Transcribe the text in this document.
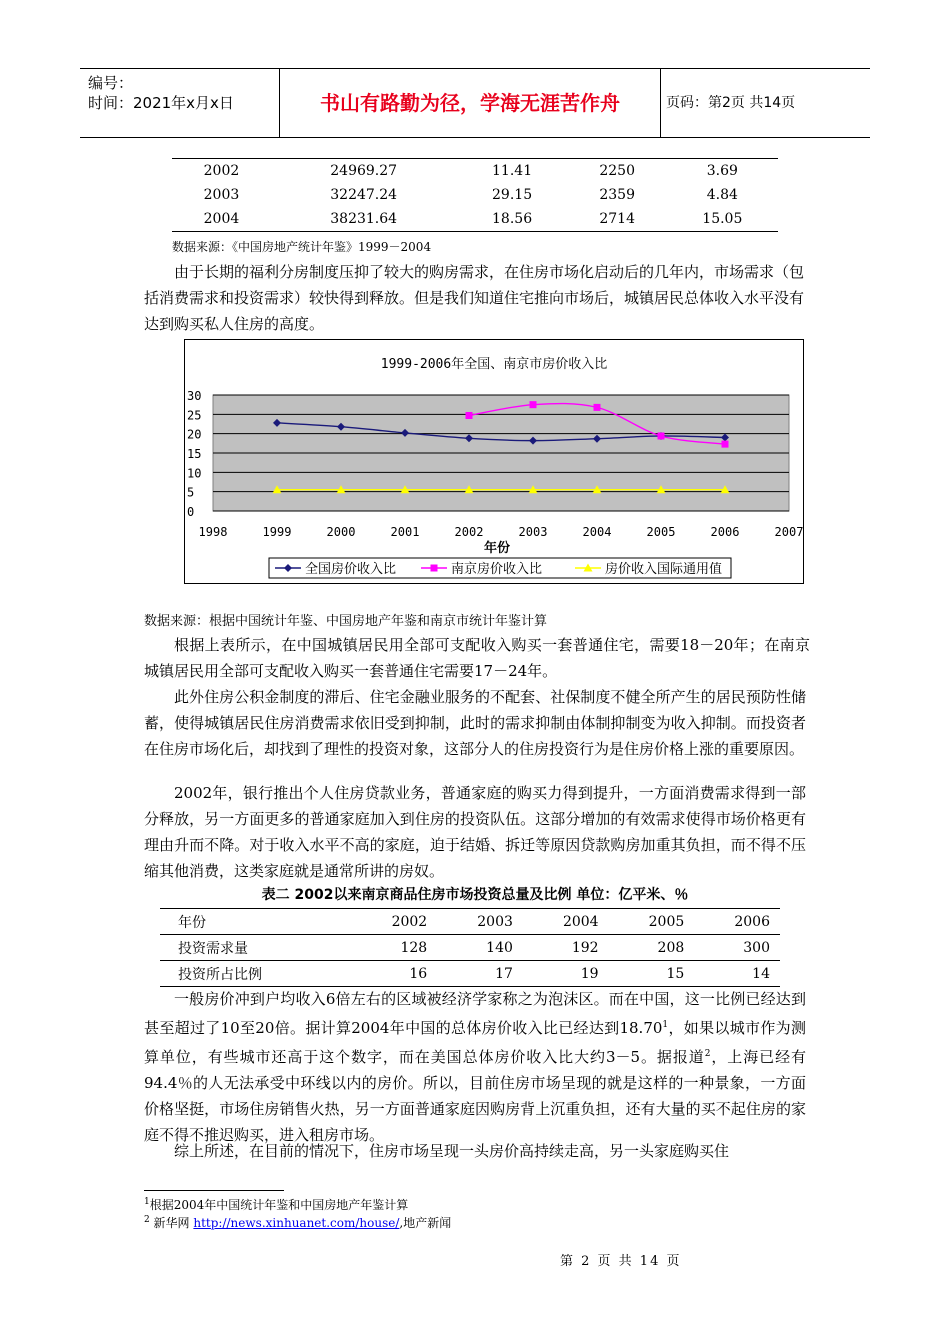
编号：
时间：2021年x月x日	书山有路勤为径，学海无涯苦作舟	页码：第2页 共14页
2002	24969.27	11.41	2250	3.69
2003	32247.24	29.15	2359	4.84
2004	38231.64	18.56	2714	15.05
数据来源：《中国房地产统计年鉴》1999－2004
由于长期的福利分房制度压抑了较大的购房需求，在住房市场化启动后的几年内，市场需求（包括消费需求和投资需求）较快得到释放。但是我们知道住宅推向市场后，城镇居民总体收入水平没有达到购买私人住房的高度。
1999-2006年全国、南京市房价收入比
0
5
10
15
20
25
30
1998	1999	2000	2001	2002	2003	2004	2005	2006	2007
年份
全国房价收入比	南京房价收入比	房价收入国际通用值
数据来源：根据中国统计年鉴、中国房地产年鉴和南京市统计年鉴计算
根据上表所示，在中国城镇居民用全部可支配收入购买一套普通住宅，需要18－20年；在南京城镇居民用全部可支配收入购买一套普通住宅需要17－24年。
此外住房公积金制度的滞后、住宅金融业服务的不配套、社保制度不健全所产生的居民预防性储蓄，使得城镇居民住房消费需求依旧受到抑制，此时的需求抑制由体制抑制变为收入抑制。而投资者在住房市场化后，却找到了理性的投资对象，这部分人的住房投资行为是住房价格上涨的重要原因。
2002年，银行推出个人住房贷款业务，普通家庭的购买力得到提升，一方面消费需求得到一部分释放，另一方面更多的普通家庭加入到住房的投资队伍。这部分增加的有效需求使得市场价格更有理由升而不降。对于收入水平不高的家庭，迫于结婚、拆迁等原因贷款购房加重其负担，而不得不压缩其他消费，这类家庭就是通常所讲的房奴。
表二 2002以来南京商品住房市场投资总量及比例 单位：亿平米、％
年份	2002	2003	2004	2005	2006
投资需求量	128	140	192	208	300
投资所占比例	16	17	19	15	14
一般房价冲到户均收入6倍左右的区域被经济学家称之为泡沫区。而在中国，这一比例已经达到甚至超过了10至20倍。据计算2004年中国的总体房价收入比已经达到18.70$^1$，如果以城市作为测算单位，有些城市还高于这个数字，而在美国总体房价收入比大约3－5。据报道$^2$，上海已经有94.4％的人无法承受中环线以内的房价。所以，目前住房市场呈现的就是这样的一种景象，一方面价格坚挺，市场住房销售火热，另一方面普通家庭因购房背上沉重负担，还有大量的买不起住房的家庭不得不推迟购买，进入租房市场。
综上所述，在目前的情况下，住房市场呈现一头房价高持续走高，另一头家庭购买住
$^1$根据2004年中国统计年鉴和中国房地产年鉴计算
$^2$ 新华网 http://news.xinhuanet.com/house/,地产新闻
第 2 页 共 14 页
